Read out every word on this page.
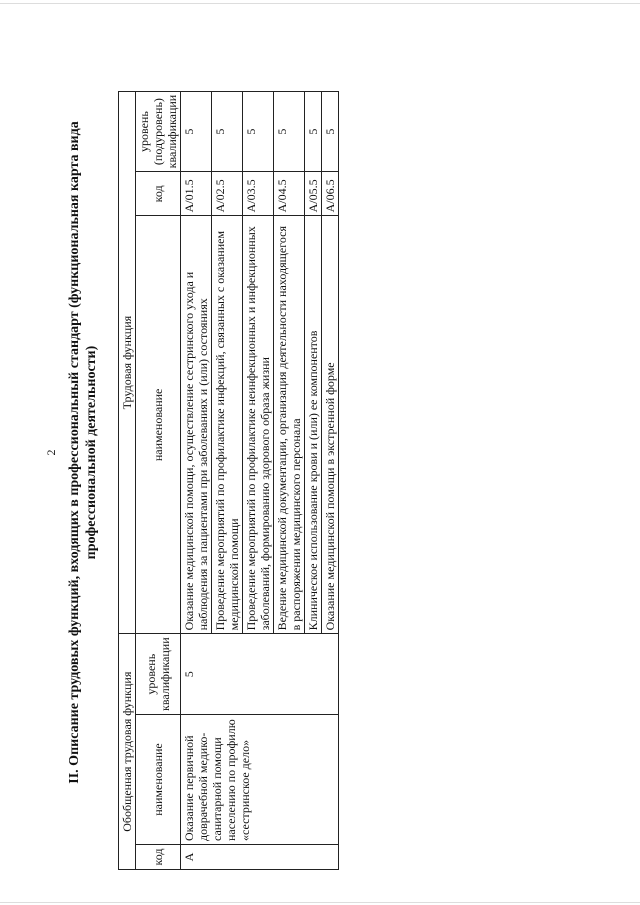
2 II. Описание трудовых функций, входящих в профессиональный стандарт (функциональная карта вида профессиональной деятельности)
Обобщенная трудовая функция			Трудовая функция		
код	наименование	уровень квалификации	наименование	код	уровень (подуровень) квалификации
А	Оказание первичной доврачебной медико-санитарной помощи населению по профилю «сестринское дело»	5	Оказание медицинской помощи, осуществление сестринского ухода и наблюдения за пациентами при заболеваниях и (или) состояниях	A/01.5	5
			Проведение мероприятий по профилактике инфекций, связанных с оказанием медицинской помощи	A/02.5	5
			Проведение мероприятий по профилактике неинфекционных и инфекционных заболеваний, формированию здорового образа жизни	A/03.5	5
			Ведение медицинской документации, организация деятельности находящегося в распоряжении медицинского персонала	A/04.5	5
			Клиническое использование крови и (или) ее компонентов	A/05.5	5
			Оказание медицинской помощи в экстренной форме	A/06.5	5
